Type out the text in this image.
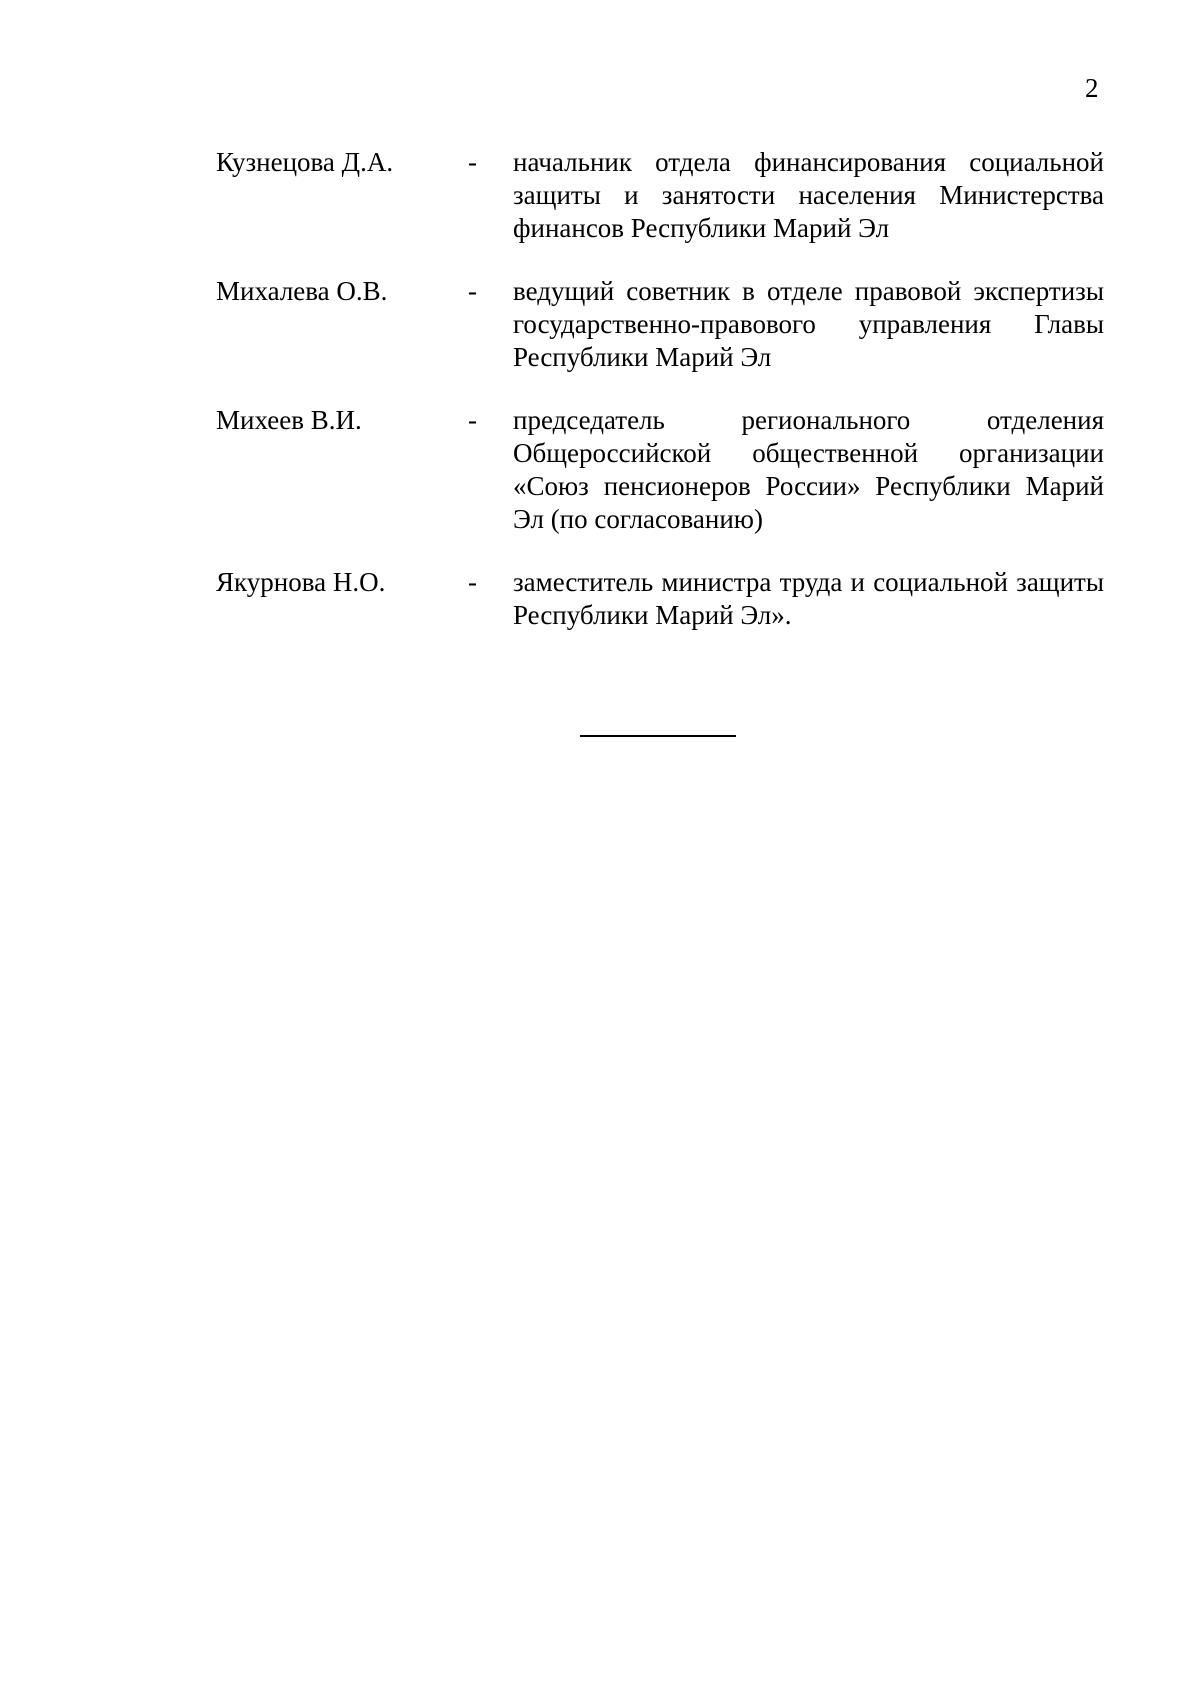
2
Кузнецова Д.А.	-	начальник отдела финансирования социальной защиты и занятости населения Министерства финансов Республики Марий Эл
Михалева О.В.	-	ведущий советник в отделе правовой экспертизы государственно-правового управления Главы Республики Марий Эл
Михеев В.И.	-	председатель регионального отделения Общероссийской общественной организации «Союз пенсионеров России» Республики Марий Эл (по согласованию)
Якурнова Н.О.	-	заместитель министра труда и социальной защиты Республики Марий Эл».
